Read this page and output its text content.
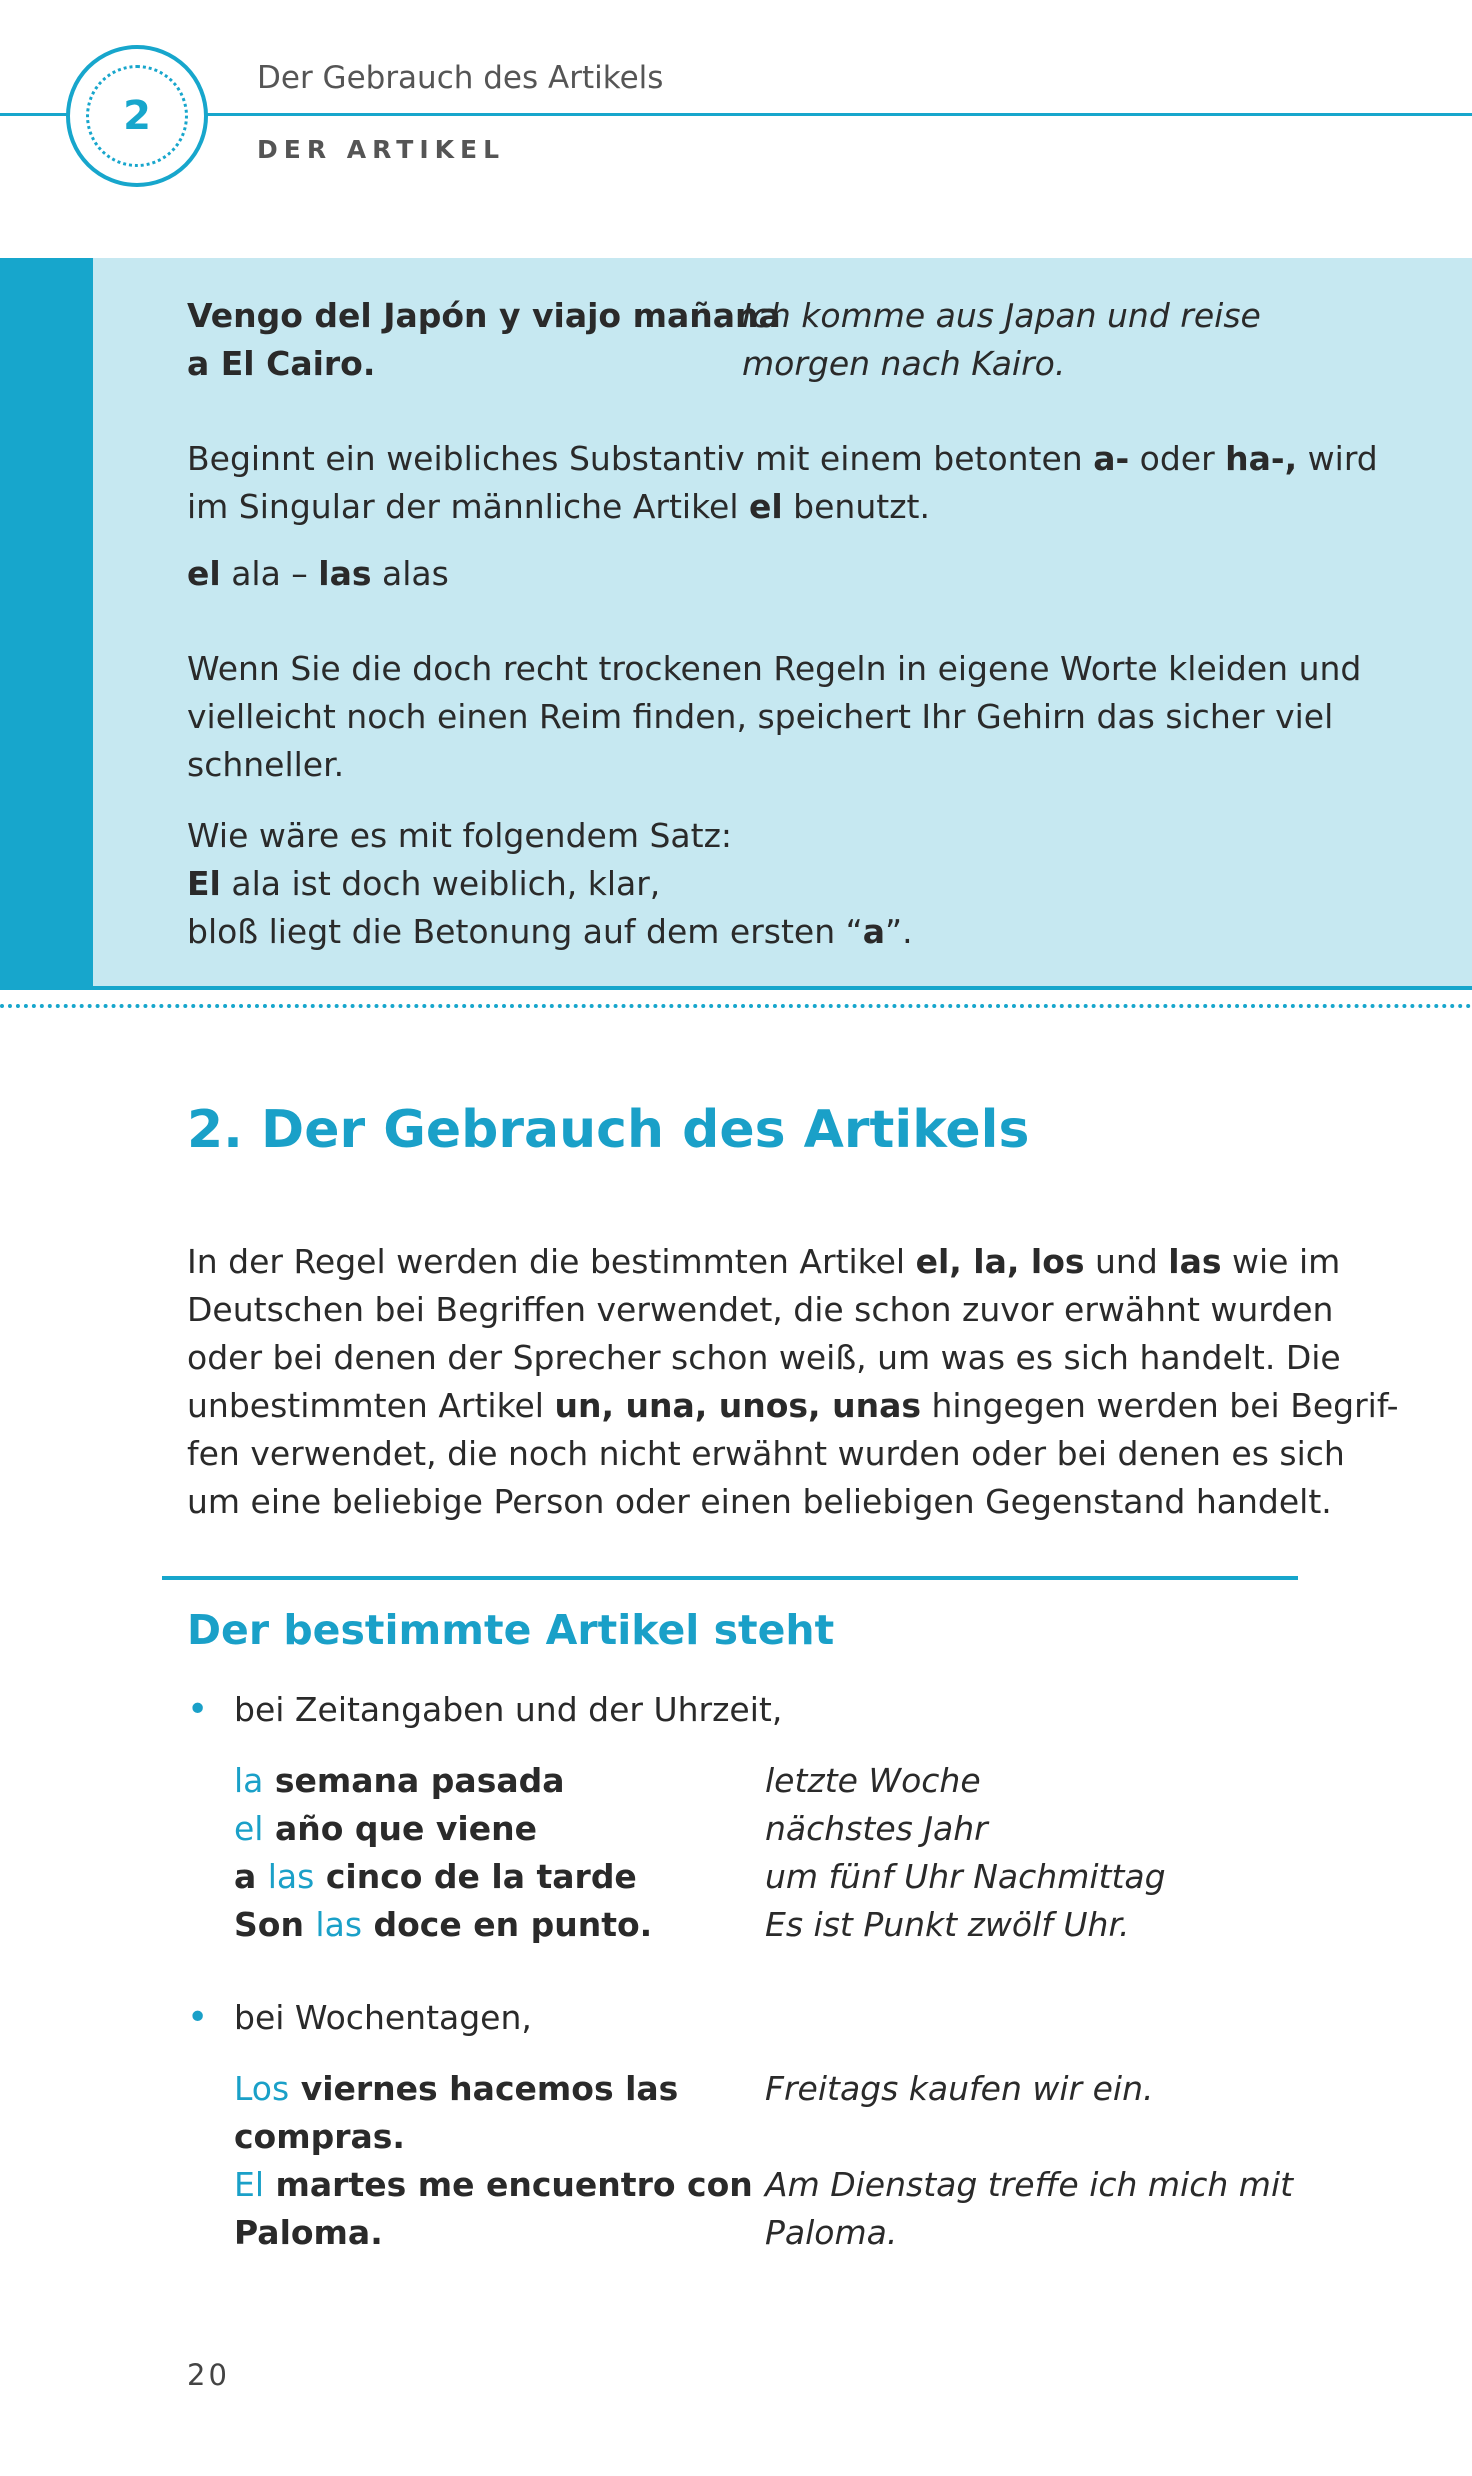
2
Der Gebrauch des Artikels
DER ARTIKEL
Vengo del Japón y viajo mañana
a El Cairo.
Ich komme aus Japan und reise
morgen nach Kairo.
Beginnt ein weibliches Substantiv mit einem betonten a- oder ha-, wird
im Singular der männliche Artikel el benutzt.
el ala – las alas
Wenn Sie die doch recht trockenen Regeln in eigene Worte kleiden und
vielleicht noch einen Reim finden, speichert Ihr Gehirn das sicher viel
schneller.
Wie wäre es mit folgendem Satz:
El ala ist doch weiblich, klar,
bloß liegt die Betonung auf dem ersten “a”.
2. Der Gebrauch des Artikels
In der Regel werden die bestimmten Artikel el, la, los und las wie im
Deutschen bei Begriffen verwendet, die schon zuvor erwähnt wurden
oder bei denen der Sprecher schon weiß, um was es sich handelt. Die
unbestimmten Artikel un, una, unos, unas hingegen werden bei Begrif-
fen verwendet, die noch nicht erwähnt wurden oder bei denen es sich
um eine beliebige Person oder einen beliebigen Gegenstand handelt.
Der bestimmte Artikel steht
• bei Zeitangaben und der Uhrzeit,
la semana pasada
el año que viene
a las cinco de la tarde
Son las doce en punto.
letzte Woche
nächstes Jahr
um fünf Uhr Nachmittag
Es ist Punkt zwölf Uhr.
• bei Wochentagen,
Los viernes hacemos las
compras.
El martes me encuentro con
Paloma.
Freitags kaufen wir ein.
Am Dienstag treffe ich mich mit
Paloma.
20
